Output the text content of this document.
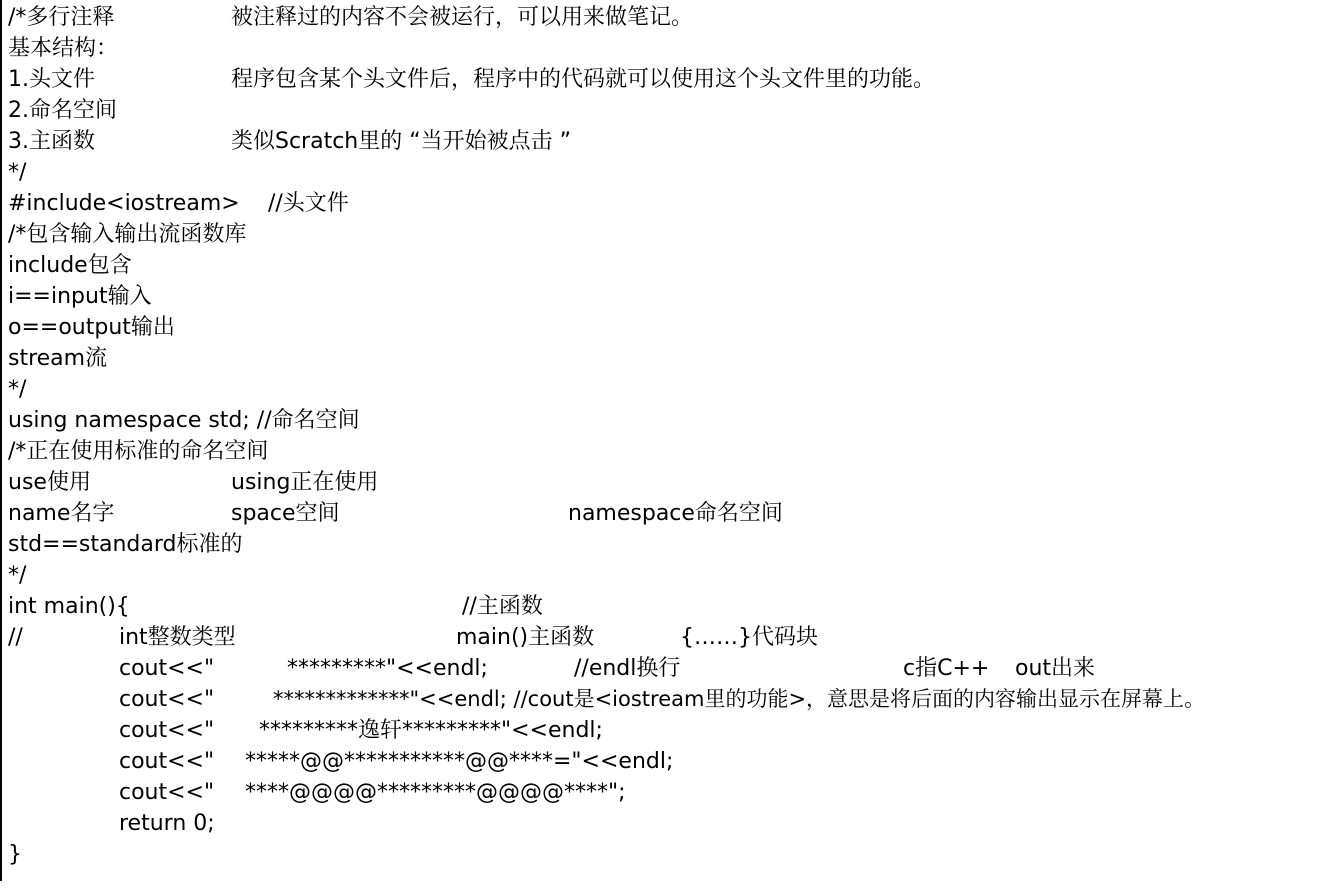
/*多行注释

	被注释过的内容不会被运行，可以用来做笔记。

基本结构：

1.头文件

	程序包含某个头文件后，程序中的代码就可以使用这个头文件里的功能。

2.命名空间

3.主函数

	类似Scratch里的 “当开始被点击 ”

*/

#include<iostream>

//头文件

/*包含输入输出流函数库

include包含

i==input输入

o==output输出

stream流

*/

using namespace std; //命名空间

/*正在使用标准的命名空间

use使用

	using正在使用

name名字

	space空间

	namespace命名空间

std==standard标准的

*/

int main(){

	//主函数

//

	int整数类型

	main()主函数

	{……}代码块

cout<<"

	*********"<<endl;

	//endl换行

	c指C++

out出来

cout<<"

	*************"<<endl; //cout是<iostream里的功能>，意思是将后面的内容输出显示在屏幕上。

cout<<"

*********逸轩*********"<<endl;

cout<<"

*****@@***********@@****="<<endl;

cout<<"

****@@@@*********@@@@****";

return 0;

}
